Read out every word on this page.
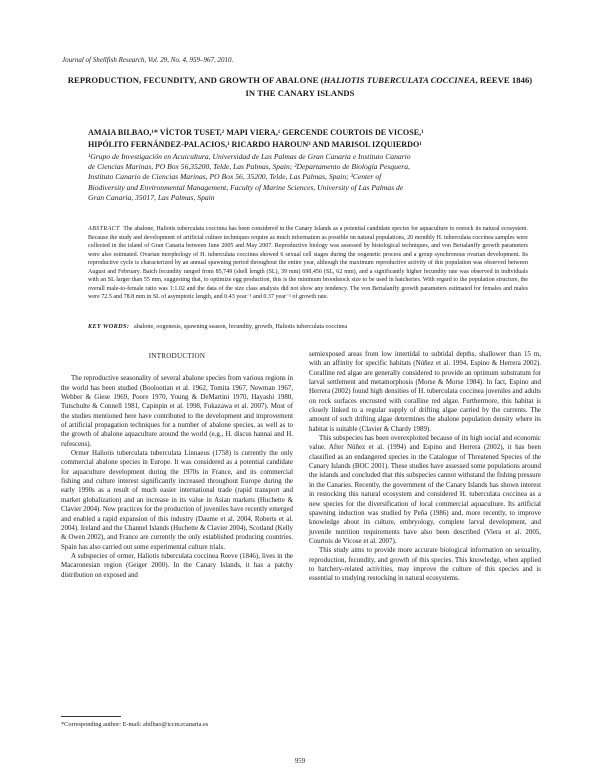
Journal of Shellfish Research, Vol. 29, No. 4, 959–967, 2010.
REPRODUCTION, FECUNDITY, AND GROWTH OF ABALONE (HALIOTIS TUBERCULATA COCCINEA, REEVE 1846) IN THE CANARY ISLANDS
AMAIA BILBAO,¹* VÍCTOR TUSET,² MAPI VIERA,¹ GERCENDE COURTOIS DE VICOSE,¹
HIPÓLITO FERNÁNDEZ-PALACIOS,¹ RICARDO HAROUN³ AND MARISOL IZQUIERDO¹
¹Grupo de Investigación en Acuicultura, Universidad de Las Palmas de Gran Canaria e Instituto Canario
de Ciencias Marinas, PO Box 56,35200, Telde, Las Palmas, Spain; ²Departamento de Biología Pesquera,
Instituto Canario de Ciencias Marinas, PO Box 56, 35200, Telde, Las Palmas, Spain; ³Center of
Biodiversity and Environmental Management, Faculty of Marine Sciences, University of Las Palmas de
Gran Canaria, 35017, Las Palmas, Spain
ABSTRACT The abalone, Haliotis tuberculata coccinea has been considered in the Canary Islands as a potential candidate species for aquaculture to restock its natural ecosystem. Because the study and development of artificial culture techniques require as much information as possible on natural populations, 20 monthly H. tuberculata coccinea samples were collected in the island of Gran Canaria between June 2005 and May 2007. Reproductive biology was assessed by histological techniques, and von Bertalanffy growth parameters were also estimated. Ovarian morphology of H. tuberculata coccinea showed 6 sexual cell stages during the oogenetic process and a group synchronous ovarian development. Its reproductive cycle is characterized by an annual spawning period throughout the entire year, although the maximum reproductive activity of this population was observed between August and February. Batch fecundity ranged from 85,749 (shell length (SL), 39 mm) 698,456 (SL, 62 mm), and a significantly higher fecundity rate was observed in individuals with an SL larger than 55 mm, suggesting that, to optimize egg production, this is the minimum broodstock size to be used in hatcheries. With regard to the population structure, the overall male-to-female ratio was 1:1.02 and the data of the size class analysis did not show any tendency. The von Bertalanffy growth parameters estimated for females and males were 72.5 and 78.8 mm in SL of asymptotic length, and 0.43 year⁻¹ and 0.37 year⁻¹ of growth rate.
KEY WORDS: abalone, oogenesis, spawning season, fecundity, growth, Haliotis tuberculata coccinea
INTRODUCTION

The reproductive seasonality of several abalone species from various regions in the world has been studied (Boolootian et al. 1962, Tomita 1967, Newman 1967, Webber & Giese 1969, Poore 1970, Young & DeMartini 1970, Hayashi 1980, Tutschulte & Connell 1981, Capinpin et al. 1998, Fukazawa et al. 2007). Most of the studies mentioned here have contributed to the development and improvement of artificial propagation techniques for a number of abalone species, as well as to the growth of abalone aquaculture around the world (e.g., H. discus hannai and H. rufescens).

Ormer Haliotis tuberculata tuberculata Linnaeus (1758) is currently the only commercial abalone species in Europe. It was considered as a potential candidate for aquaculture development during the 1970s in France, and its commercial fishing and culture interest significantly increased throughout Europe during the early 1990s as a result of much easier international trade (rapid transport and market globalization) and an increase in its value in Asian markets (Huchette & Clavier 2004). New practices for the production of juveniles have recently emerged and enabled a rapid expansion of this industry (Daume et al. 2004, Roberts et al. 2004). Ireland and the Channel Islands (Huchette & Clavier 2004), Scotland (Kelly & Owen 2002), and France are currently the only established producing countries. Spain has also carried out some experimental culture trials.

A subspecies of ormer, Haliotis tuberculata coccinea Reeve (1846), lives in the Macaronesian region (Geiger 2000). In the Canary Islands, it has a patchy distribution on exposed and

semiexposed areas from low intertidal to subtidal depths, shallower than 15 m, with an affinity for specific habitats (Núñez et al. 1994, Espino & Herrera 2002). Coralline red algae are generally considered to provide an optimum substratum for larval settlement and metamorphosis (Morse & Morse 1984). In fact, Espino and Herrera (2002) found high densities of H. tuberculata coccinea juveniles and adults on rock surfaces encrusted with coralline red algae. Furthermore, this habitat is closely linked to a regular supply of drifting algae carried by the currents. The amount of such drifting algae determines the abalone population density where its habitat is suitable (Clavier & Chardy 1989).

This subspecies has been overexploited because of its high social and economic value. After Núñez et al. (1994) and Espino and Herrera (2002), it has been classified as an endangered species in the Catalogue of Threatened Species of the Canary Islands (BOC 2001). These studies have assessed some populations around the islands and concluded that this subspecies cannot withstand the fishing pressure in the Canaries. Recently, the government of the Canary Islands has shown interest in restocking this natural ecosystem and considered H. tuberculata coccinea as a new species for the diversification of local commercial aquaculture. Its artificial spawning induction was studied by Peña (1986) and, more recently, to improve knowledge about its culture, embryology, complete larval development, and juvenile nutrition requirements have also been described (Viera et al. 2005, Courtois de Vicose et al. 2007).

This study aims to provide more accurate biological information on sexuality, reproduction, fecundity, and growth of this species. This knowledge, when applied to hatchery-related activities, may improve the culture of this species and is essential to studying restocking in natural ecosystems.

*Corresponding author: E-mail: abilbao@iccm.rcanaria.es
959
